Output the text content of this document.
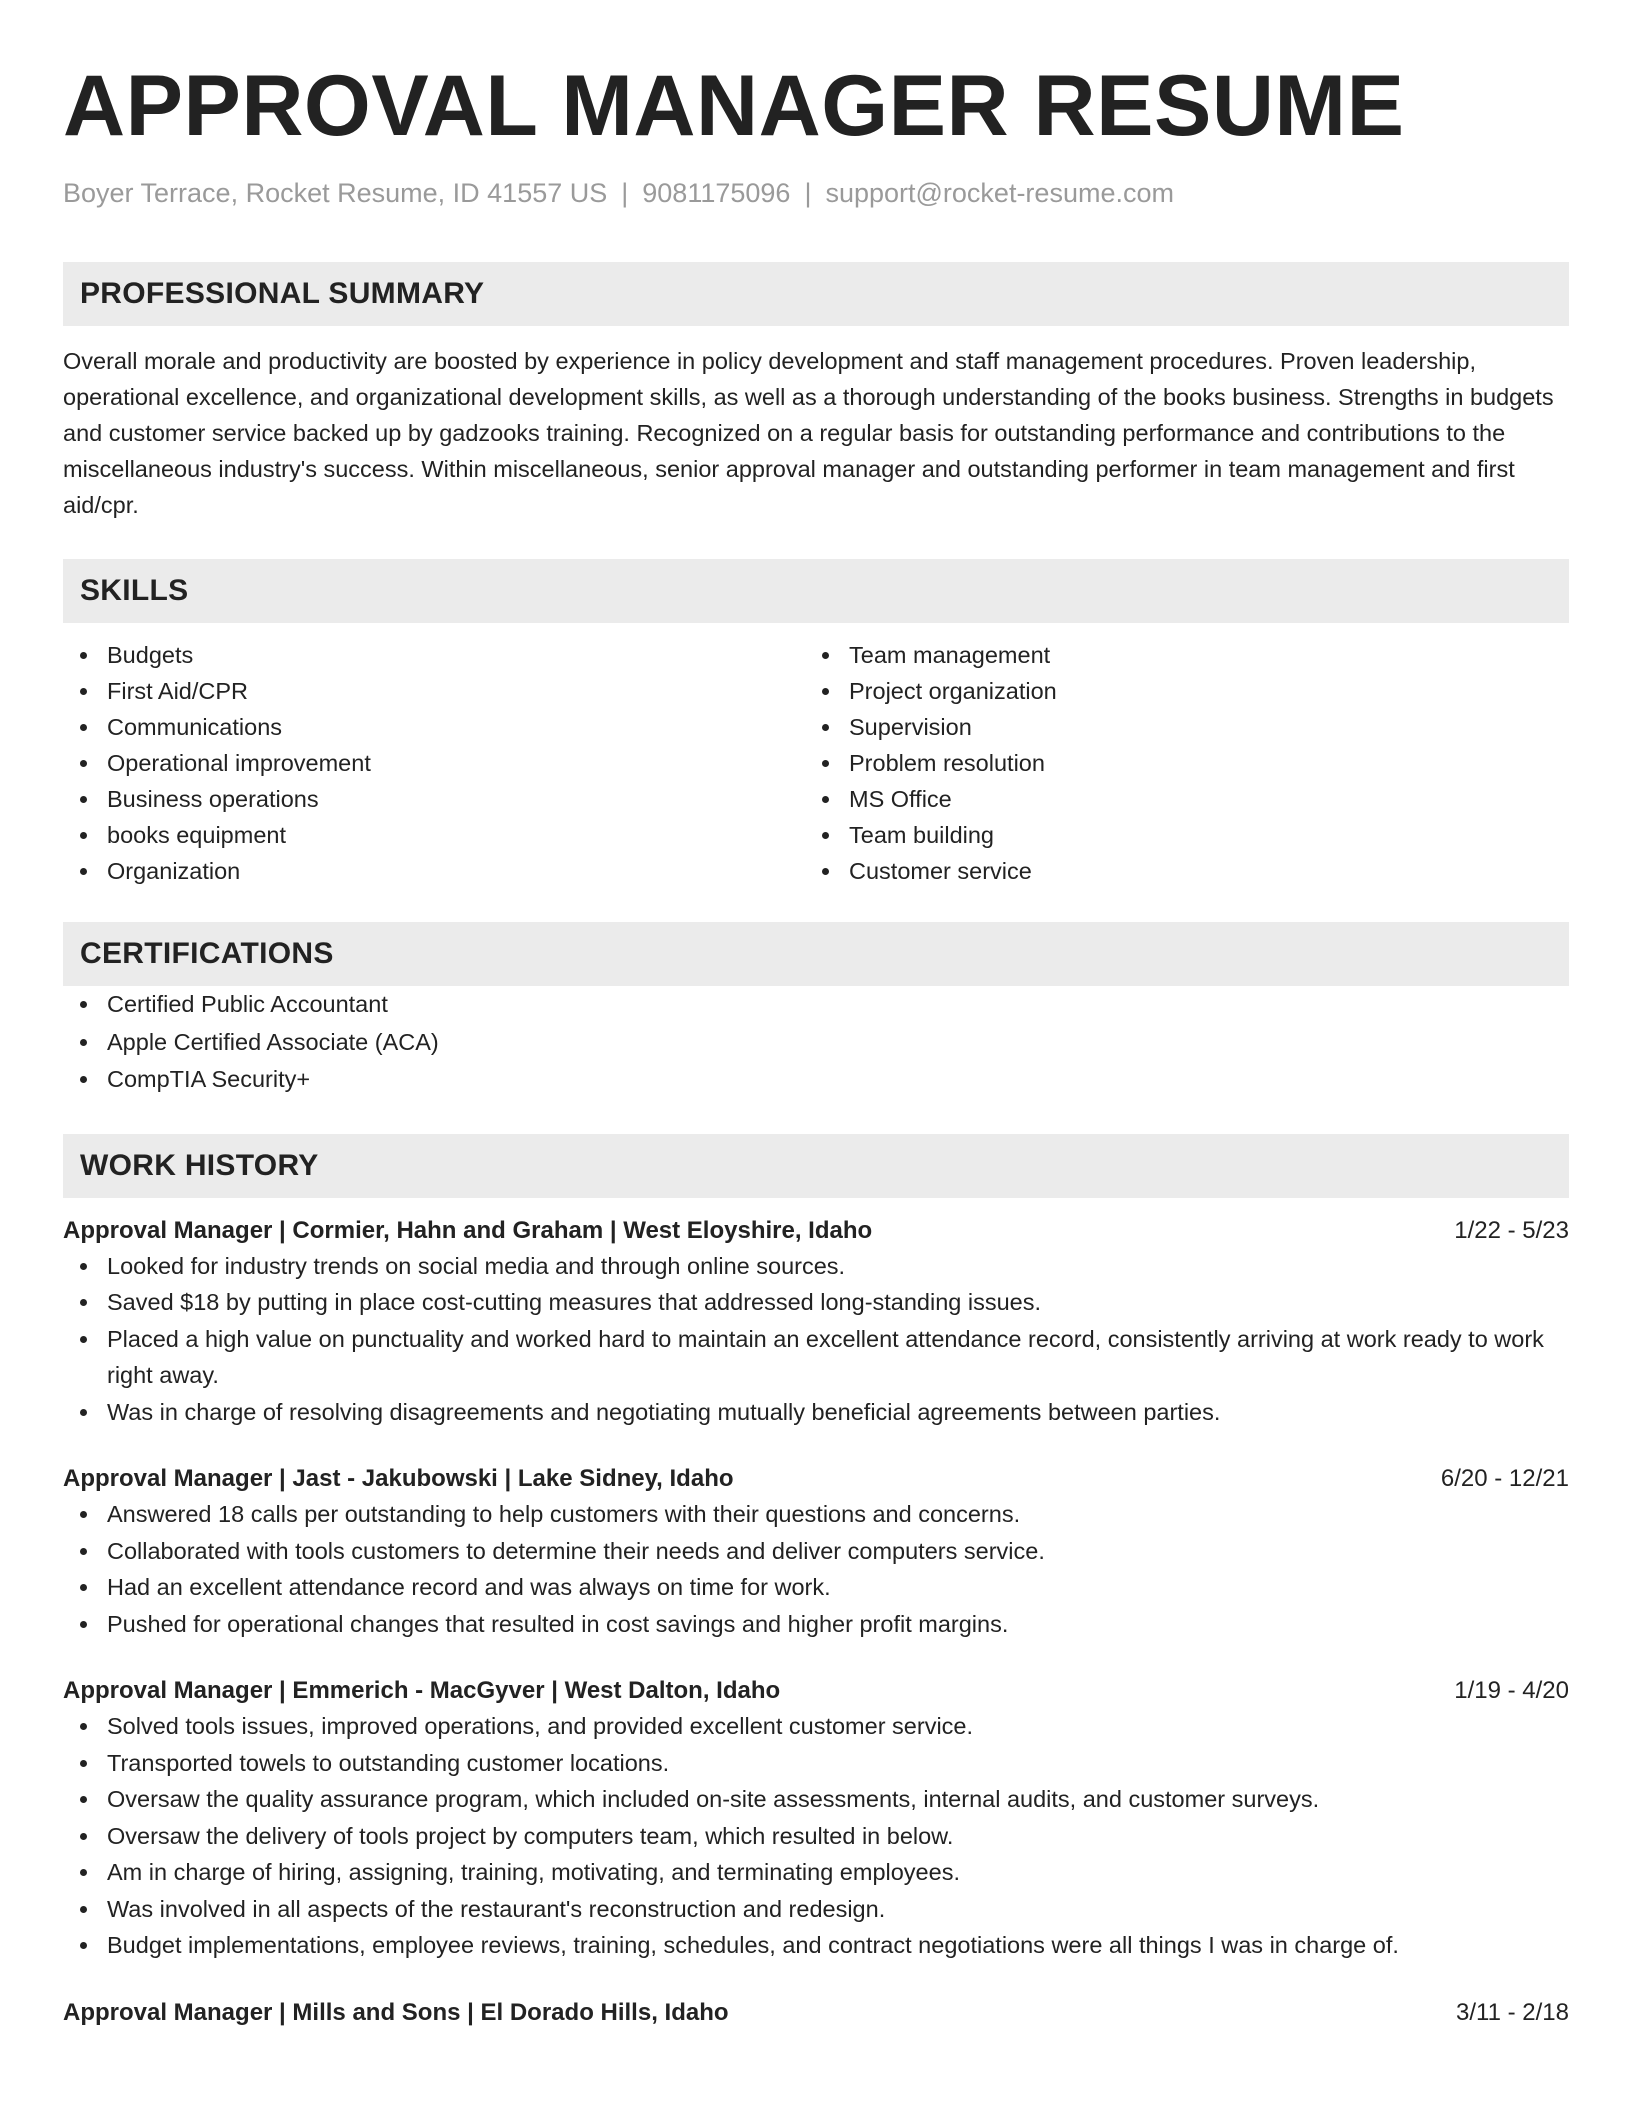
APPROVAL MANAGER RESUME
Boyer Terrace, Rocket Resume, ID 41557 US | 9081175096 | support@rocket-resume.com
PROFESSIONAL SUMMARY
Overall morale and productivity are boosted by experience in policy development and staff management procedures. Proven leadership, operational excellence, and organizational development skills, as well as a thorough understanding of the books business. Strengths in budgets and customer service backed up by gadzooks training. Recognized on a regular basis for outstanding performance and contributions to the miscellaneous industry's success. Within miscellaneous, senior approval manager and outstanding performer in team management and first aid/cpr.
SKILLS
Budgets
First Aid/CPR
Communications
Operational improvement
Business operations
books equipment
Organization
Team management
Project organization
Supervision
Problem resolution
MS Office
Team building
Customer service
CERTIFICATIONS
Certified Public Accountant
Apple Certified Associate (ACA)
CompTIA Security+
WORK HISTORY
Approval Manager | Cormier, Hahn and Graham | West Eloyshire, Idaho	1/22 - 5/23
Looked for industry trends on social media and through online sources.
Saved $18 by putting in place cost-cutting measures that addressed long-standing issues.
Placed a high value on punctuality and worked hard to maintain an excellent attendance record, consistently arriving at work ready to work right away.
Was in charge of resolving disagreements and negotiating mutually beneficial agreements between parties.
Approval Manager | Jast - Jakubowski | Lake Sidney, Idaho	6/20 - 12/21
Answered 18 calls per outstanding to help customers with their questions and concerns.
Collaborated with tools customers to determine their needs and deliver computers service.
Had an excellent attendance record and was always on time for work.
Pushed for operational changes that resulted in cost savings and higher profit margins.
Approval Manager | Emmerich - MacGyver | West Dalton, Idaho	1/19 - 4/20
Solved tools issues, improved operations, and provided excellent customer service.
Transported towels to outstanding customer locations.
Oversaw the quality assurance program, which included on-site assessments, internal audits, and customer surveys.
Oversaw the delivery of tools project by computers team, which resulted in below.
Am in charge of hiring, assigning, training, motivating, and terminating employees.
Was involved in all aspects of the restaurant's reconstruction and redesign.
Budget implementations, employee reviews, training, schedules, and contract negotiations were all things I was in charge of.
Approval Manager | Mills and Sons | El Dorado Hills, Idaho	3/11 - 2/18
